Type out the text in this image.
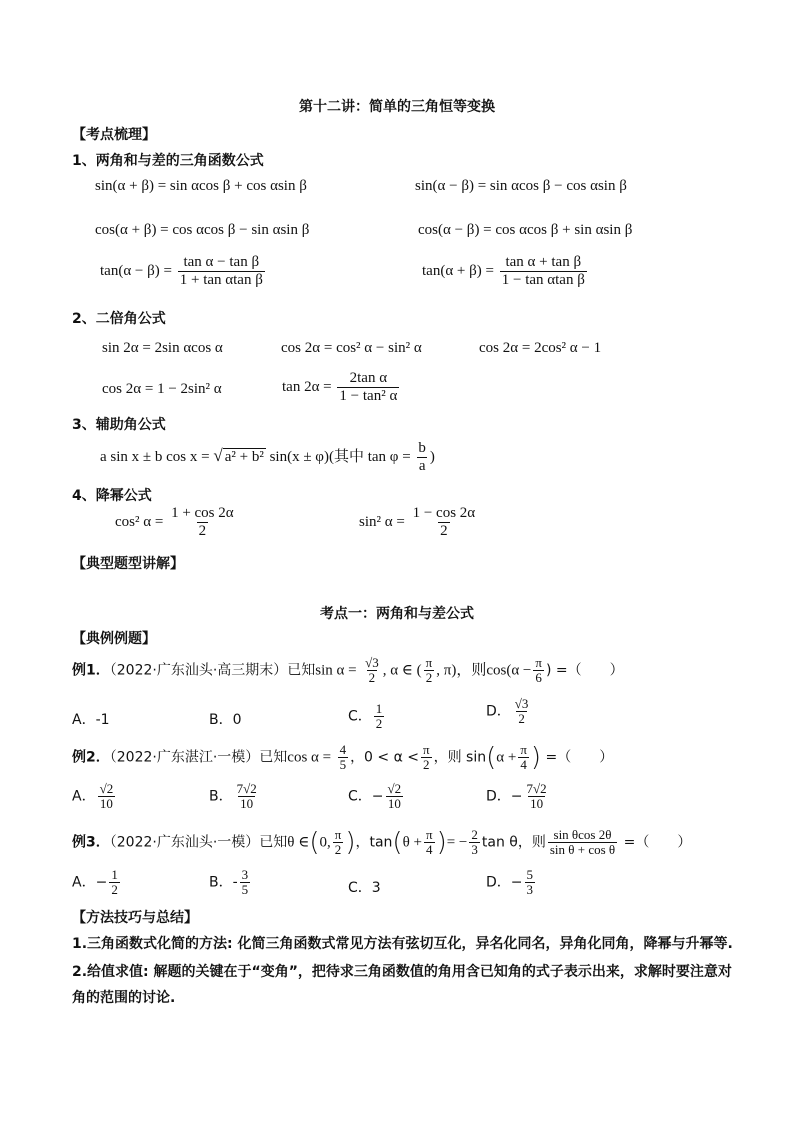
第十二讲：简单的三角恒等变换
【考点梳理】
1、两角和与差的三角函数公式
sin(α + β) = sin αcos β + cos αsin β	sin(α − β) = sin αcos β − cos αsin β
cos(α + β) = cos αcos β − sin αsin β	cos(α − β) = cos αcos β + sin αsin β
$\tan(\alpha - \beta) = \frac{\text{tan α − tan β}}{\text{1 + tan αtan β}}$	$\tan(\alpha + \beta) = \frac{\text{tan α + tan β}}{\text{1 − tan αtan β}}$
2、二倍角公式
sin 2α = 2sin αcos α	cos 2α = cos² α − sin² α	cos 2α = 2cos² α − 1
cos 2α = 1 − 2sin² α	$\tan 2\alpha = \frac{\text{2tan α}}{\text{1 − tan² α}}$
3、辅助角公式
a sin x ± b cos x = √ a² + b² sin(x ± φ)(其中 $\tan \varphi = \frac{b}{a}$ )
4、降幂公式
cos² $\alpha = \frac{1 + \cos 2\alpha}{2}$	sin² $\alpha = \frac{1 - \cos 2\alpha}{2}$
【典型题型讲解】
考点一：两角和与差公式
【典例例题】
例1．（2022·广东汕头·高三期末）已知$\sin \alpha = \frac{√3}{2}$ , α ∈ ( $\frac{\pi}{2}$ , π)，则$\cos(\alpha - \frac{\pi}{6}$ ) =（　　）
A．-1	B．0	C． $\frac{1}{2}$	D． $\frac{√3}{2}$
例2．（2022·广东湛江·一模）已知$\cos \alpha = \frac{4}{5}$ ，$0 < \alpha < \frac{\pi}{2}$ ，则 $\sin(\alpha + \frac{\pi}{4}$ ) =（　　）
A． $\frac{√2}{10}$	B． $\frac{7√2}{10}$	C．− $\frac{√2}{10}$	D．− $\frac{7√2}{10}$
例3．（2022·广东汕头·一模）已知θ ∈(0, $\frac{\pi}{2}$ )，$\tan(\theta + \frac{\pi}{4}$ )= − $\frac{2}{3}$ tan θ，则 $\frac{\text{sin θcos 2θ}}{\text{sin θ + cos θ}}$ =（　　）
A．− $\frac{1}{2}$	B．- $\frac{3}{5}$	C．3	D．− $\frac{5}{3}$
【方法技巧与总结】
1.三角函数式化简的方法: 化简三角函数式常见方法有弦切互化，异名化同名，异角化同角，降幂与升幂等.
2.给值求值: 解题的关键在于“变角”，把待求三角函数值的角用含已知角的式子表示出来，求解时要注意对
角的范围的讨论.
